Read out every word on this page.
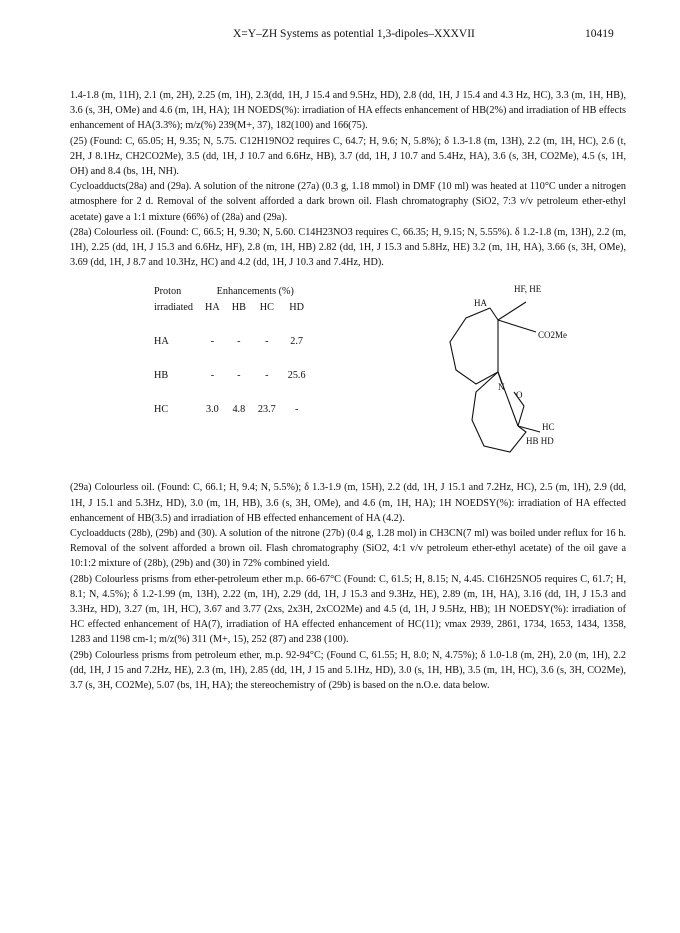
X=Y–ZH Systems as potential 1,3-dipoles–XXXVII	10419

1.4-1.8 (m, 11H), 2.1 (m, 2H), 2.25 (m, 1H), 2.3(dd, 1H, J 15.4 and 9.5Hz, HD), 2.8 (dd, 1H, J 15.4 and 4.3 Hz, HC), 3.3 (m, 1H, HB), 3.6 (s, 3H, OMe) and 4.6 (m, 1H, HA); 1H NOEDS(%): irradiation of HA effects enhancement of HB(2%) and irradiation of HB effects enhancement of HA(3.3%); m/z(%) 239(M+, 37), 182(100) and 166(75).

(25) (Found: C, 65.05; H, 9.35; N, 5.75. C12H19NO2 requires C, 64.7; H, 9.6; N, 5.8%); δ 1.3-1.8 (m, 13H), 2.2 (m, 1H, HC), 2.6 (t, 2H, J 8.1Hz, CH2CO2Me), 3.5 (dd, 1H, J 10.7 and 6.6Hz, HB), 3.7 (dd, 1H, J 10.7 and 5.4Hz, HA), 3.6 (s, 3H, CO2Me), 4.5 (s, 1H, OH) and 8.4 (bs, 1H, NH).

Cycloadducts(28a) and (29a). A solution of the nitrone (27a) (0.3 g, 1.18 mmol) in DMF (10 ml) was heated at 110°C under a nitrogen atmosphere for 2 d. Removal of the solvent afforded a dark brown oil. Flash chromatography (SiO2, 7:3 v/v petroleum ether-ethyl acetate) gave a 1:1 mixture (66%) of (28a) and (29a).

(28a) Colourless oil. (Found: C, 66.5; H, 9.30; N, 5.60. C14H23NO3 requires C, 66.35; H, 9.15; N, 5.55%). δ 1.2-1.8 (m, 13H), 2.2 (m, 1H), 2.25 (dd, 1H, J 15.3 and 6.6Hz, HF), 2.8 (m, 1H, HB) 2.82 (dd, 1H, J 15.3 and 5.8Hz, HE) 3.2 (m, 1H, HA), 3.66 (s, 3H, OMe), 3.69 (dd, 1H, J 8.7 and 10.3Hz, HC) and 4.2 (dd, 1H, J 10.3 and 7.4Hz, HD).

Proton	Enhancements (%)			
irradiated	HA	HB	HC	HD

HA	-	-	-	2.7

HB	-	-	-	25.6

HC	3.0	4.8	23.7	-
HF, HE
HA
CO2Me
N
O
HC
HB HD

(29a) Colourless oil. (Found: C, 66.1; H, 9.4; N, 5.5%); δ 1.3-1.9 (m, 15H), 2.2 (dd, 1H, J 15.1 and 7.2Hz, HC), 2.5 (m, 1H), 2.9 (dd, 1H, J 15.1 and 5.3Hz, HD), 3.0 (m, 1H, HB), 3.6 (s, 3H, OMe), and 4.6 (m, 1H, HA); 1H NOEDSY(%): irradiation of HA effected enhancement of HB(3.5) and irradiation of HB effected enhancement of HA (4.2).

Cycloadducts (28b), (29b) and (30). A solution of the nitrone (27b) (0.4 g, 1.28 mol) in CH3CN(7 ml) was boiled under reflux for 16 h. Removal of the solvent afforded a brown oil. Flash chromatography (SiO2, 4:1 v/v petroleum ether-ethyl acetate) of the oil gave a 10:1:2 mixture of (28b), (29b) and (30) in 72% combined yield.

(28b) Colourless prisms from ether-petroleum ether m.p. 66-67°C (Found: C, 61.5; H, 8.15; N, 4.45. C16H25NO5 requires C, 61.7; H, 8.1; N, 4.5%); δ 1.2-1.99 (m, 13H), 2.22 (m, 1H), 2.29 (dd, 1H, J 15.3 and 9.3Hz, HE), 2.89 (m, 1H, HA), 3.16 (dd, 1H, J 15.3 and 3.3Hz, HD), 3.27 (m, 1H, HC), 3.67 and 3.77 (2xs, 2x3H, 2xCO2Me) and 4.5 (d, 1H, J 9.5Hz, HB); 1H NOEDSY(%): irradiation of HC effected enhancement of HA(7), irradiation of HA effected enhancement of HC(11); νmax 2939, 2861, 1734, 1653, 1434, 1358, 1283 and 1198 cm-1; m/z(%) 311 (M+, 15), 252 (87) and 238 (100).

(29b) Colourless prisms from petroleum ether, m.p. 92-94°C; (Found C, 61.55; H, 8.0; N, 4.75%); δ 1.0-1.8 (m, 2H), 2.0 (m, 1H), 2.2 (dd, 1H, J 15 and 7.2Hz, HE), 2.3 (m, 1H), 2.85 (dd, 1H, J 15 and 5.1Hz, HD), 3.0 (s, 1H, HB), 3.5 (m, 1H, HC), 3.6 (s, 3H, CO2Me), 3.7 (s, 3H, CO2Me), 5.07 (bs, 1H, HA); the stereochemistry of (29b) is based on the n.O.e. data below.
